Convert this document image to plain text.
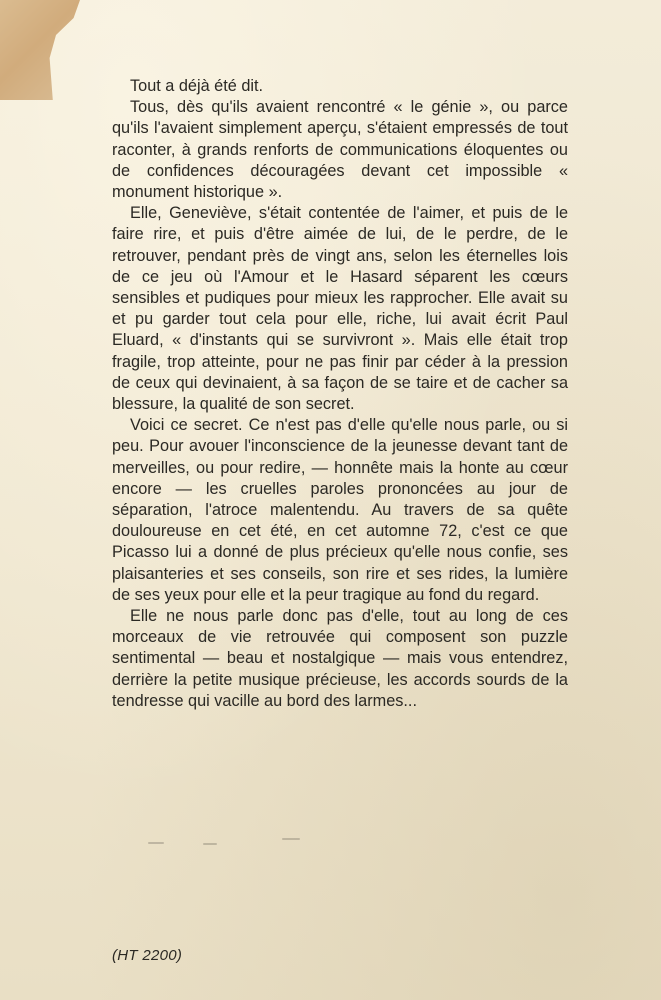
Tout a déjà été dit.

Tous, dès qu'ils avaient rencontré « le génie », ou parce qu'ils l'avaient simplement aperçu, s'étaient empressés de tout raconter, à grands renforts de communications éloquentes ou de confidences découragées devant cet impossible « monument historique ».

Elle, Geneviève, s'était contentée de l'aimer, et puis de le faire rire, et puis d'être aimée de lui, de le perdre, de le retrouver, pendant près de vingt ans, selon les éternelles lois de ce jeu où l'Amour et le Hasard séparent les cœurs sensibles et pudiques pour mieux les rapprocher. Elle avait su et pu garder tout cela pour elle, riche, lui avait écrit Paul Eluard, « d'instants qui se survivront ». Mais elle était trop fragile, trop atteinte, pour ne pas finir par céder à la pression de ceux qui devinaient, à sa façon de se taire et de cacher sa blessure, la qualité de son secret.

Voici ce secret. Ce n'est pas d'elle qu'elle nous parle, ou si peu. Pour avouer l'inconscience de la jeunesse devant tant de merveilles, ou pour redire, — honnête mais la honte au cœur encore — les cruelles paroles prononcées au jour de séparation, l'atroce malentendu. Au travers de sa quête douloureuse en cet été, en cet automne 72, c'est ce que Picasso lui a donné de plus précieux qu'elle nous confie, ses plaisanteries et ses conseils, son rire et ses rides, la lumière de ses yeux pour elle et la peur tragique au fond du regard.

Elle ne nous parle donc pas d'elle, tout au long de ces morceaux de vie retrouvée qui composent son puzzle sentimental — beau et nostalgique — mais vous entendrez, derrière la petite musique précieuse, les accords sourds de la tendresse qui vacille au bord des larmes...

(HT 2200)
